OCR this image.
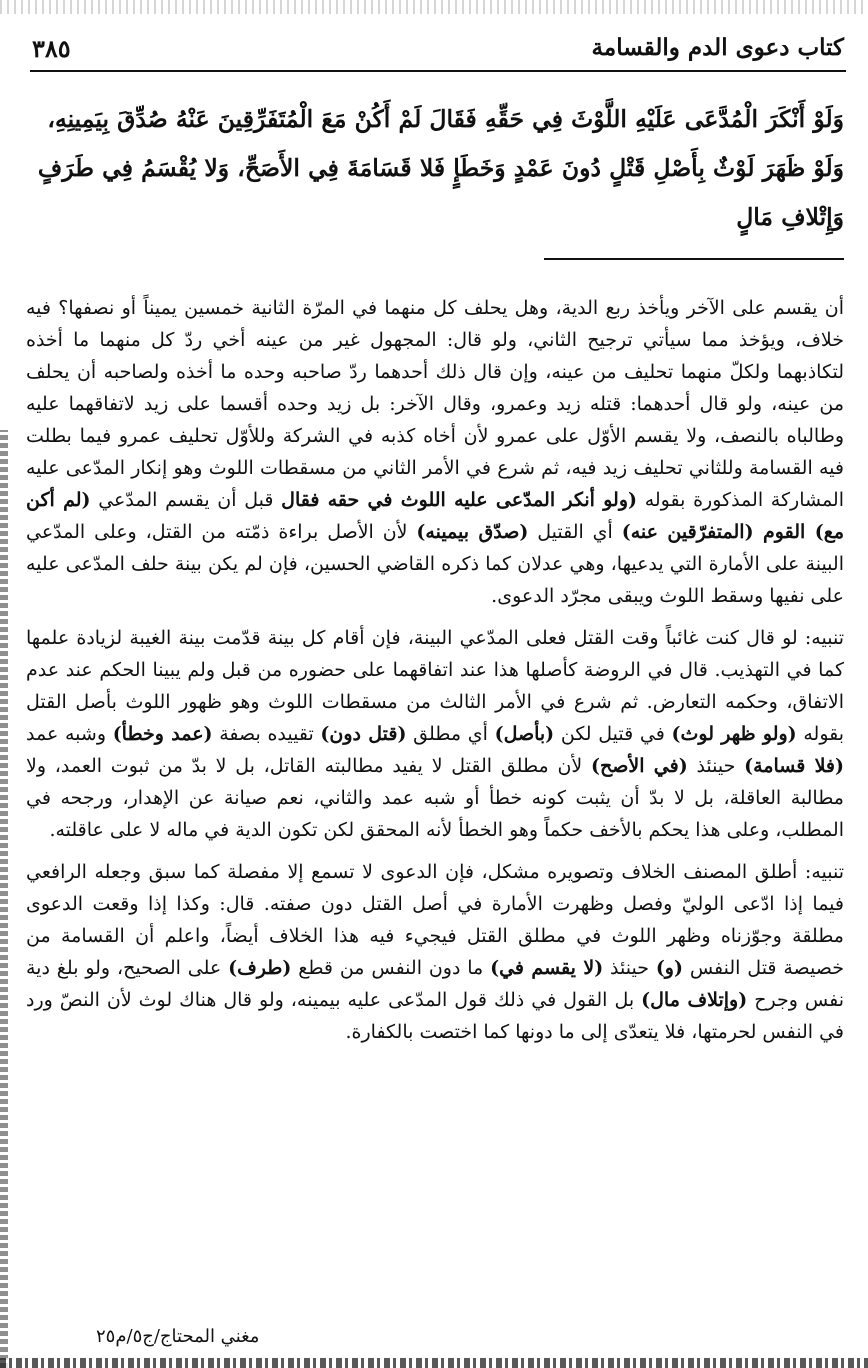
كتاب دعوى الدم والقسامة
٣٨٥
وَلَوْ أَنْكَرَ الْمُدَّعَى عَلَيْهِ اللَّوْثَ فِي حَقِّهِ فَقَالَ لَمْ أَكُنْ مَعَ الْمُتَفَرِّقِينَ عَنْهُ صُدِّقَ بِيَمِينِهِ،
وَلَوْ ظَهَرَ لَوْثٌ بِأَصْلِ قَتْلٍ دُونَ عَمْدٍ وَخَطَإٍ فَلا قَسَامَةَ فِي الأَصَحِّ، وَلا يُقْسَمُ فِي طَرَفٍ
وَإِتْلافِ مَالٍ

أن يقسم على الآخر ويأخذ ربع الدية، وهل يحلف كل منهما في المرّة الثانية خمسين يميناً أو نصفها؟ فيه خلاف، ويؤخذ مما سيأتي ترجيح الثاني، ولو قال: المجهول غير من عينه أخي ردّ كل منهما ما أخذه لتكاذبهما ولكلّ منهما تحليف من عينه، وإن قال ذلك أحدهما ردّ صاحبه وحده ما أخذه ولصاحبه أن يحلف من عينه، ولو قال أحدهما: قتله زيد وعمرو، وقال الآخر: بل زيد وحده أقسما على زيد لاتفاقهما عليه وطالباه بالنصف، ولا يقسم الأوّل على عمرو لأن أخاه كذبه في الشركة وللأوّل تحليف عمرو فيما بطلت فيه القسامة وللثاني تحليف زيد فيه، ثم شرع في الأمر الثاني من مسقطات اللوث وهو إنكار المدّعى عليه المشاركة المذكورة بقوله (ولو أنكر المدّعى عليه اللوث في حقه فقال قبل أن يقسم المدّعي (لم أكن مع) القوم (المتفرّقين عنه) أي القتيل (صدّق بيمينه) لأن الأصل براءة ذمّته من القتل، وعلى المدّعي البينة على الأمارة التي يدعيها، وهي عدلان كما ذكره القاضي الحسين، فإن لم يكن بينة حلف المدّعى عليه على نفيها وسقط اللوث ويبقى مجرّد الدعوى.

تنبيه: لو قال كنت غائباً وقت القتل فعلى المدّعي البينة، فإن أقام كل بينة قدّمت بينة الغيبة لزيادة علمها كما في التهذيب. قال في الروضة كأصلها هذا عند اتفاقهما على حضوره من قبل ولم يبينا الحكم عند عدم الاتفاق، وحكمه التعارض. ثم شرع في الأمر الثالث من مسقطات اللوث وهو ظهور اللوث بأصل القتل بقوله (ولو ظهر لوث) في قتيل لكن (بأصل) أي مطلق (قتل دون) تقييده بصفة (عمد وخطأ) وشبه عمد (فلا قسامة) حينئذ (في الأصح) لأن مطلق القتل لا يفيد مطالبته القاتل، بل لا بدّ من ثبوت العمد، ولا مطالبة العاقلة، بل لا بدّ أن يثبت كونه خطأ أو شبه عمد والثاني، نعم صيانة عن الإهدار، ورجحه في المطلب، وعلى هذا يحكم بالأخف حكماً وهو الخطأ لأنه المحقق لكن تكون الدية في ماله لا على عاقلته.

تنبيه: أطلق المصنف الخلاف وتصويره مشكل، فإن الدعوى لا تسمع إلا مفصلة كما سبق وجعله الرافعي فيما إذا ادّعى الوليّ وفصل وظهرت الأمارة في أصل القتل دون صفته. قال: وكذا إذا وقعت الدعوى مطلقة وجوّزناه وظهر اللوث في مطلق القتل فيجيء فيه هذا الخلاف أيضاً، واعلم أن القسامة من خصيصة قتل النفس (و) حينئذ (لا يقسم في) ما دون النفس من قطع (طرف) على الصحيح، ولو بلغ دية نفس وجرح (وإتلاف مال) بل القول في ذلك قول المدّعى عليه بيمينه، ولو قال هناك لوث لأن النصّ ورد في النفس لحرمتها، فلا يتعدّى إلى ما دونها كما اختصت بالكفارة.

مغني المحتاج/ج٥/م٢٥
